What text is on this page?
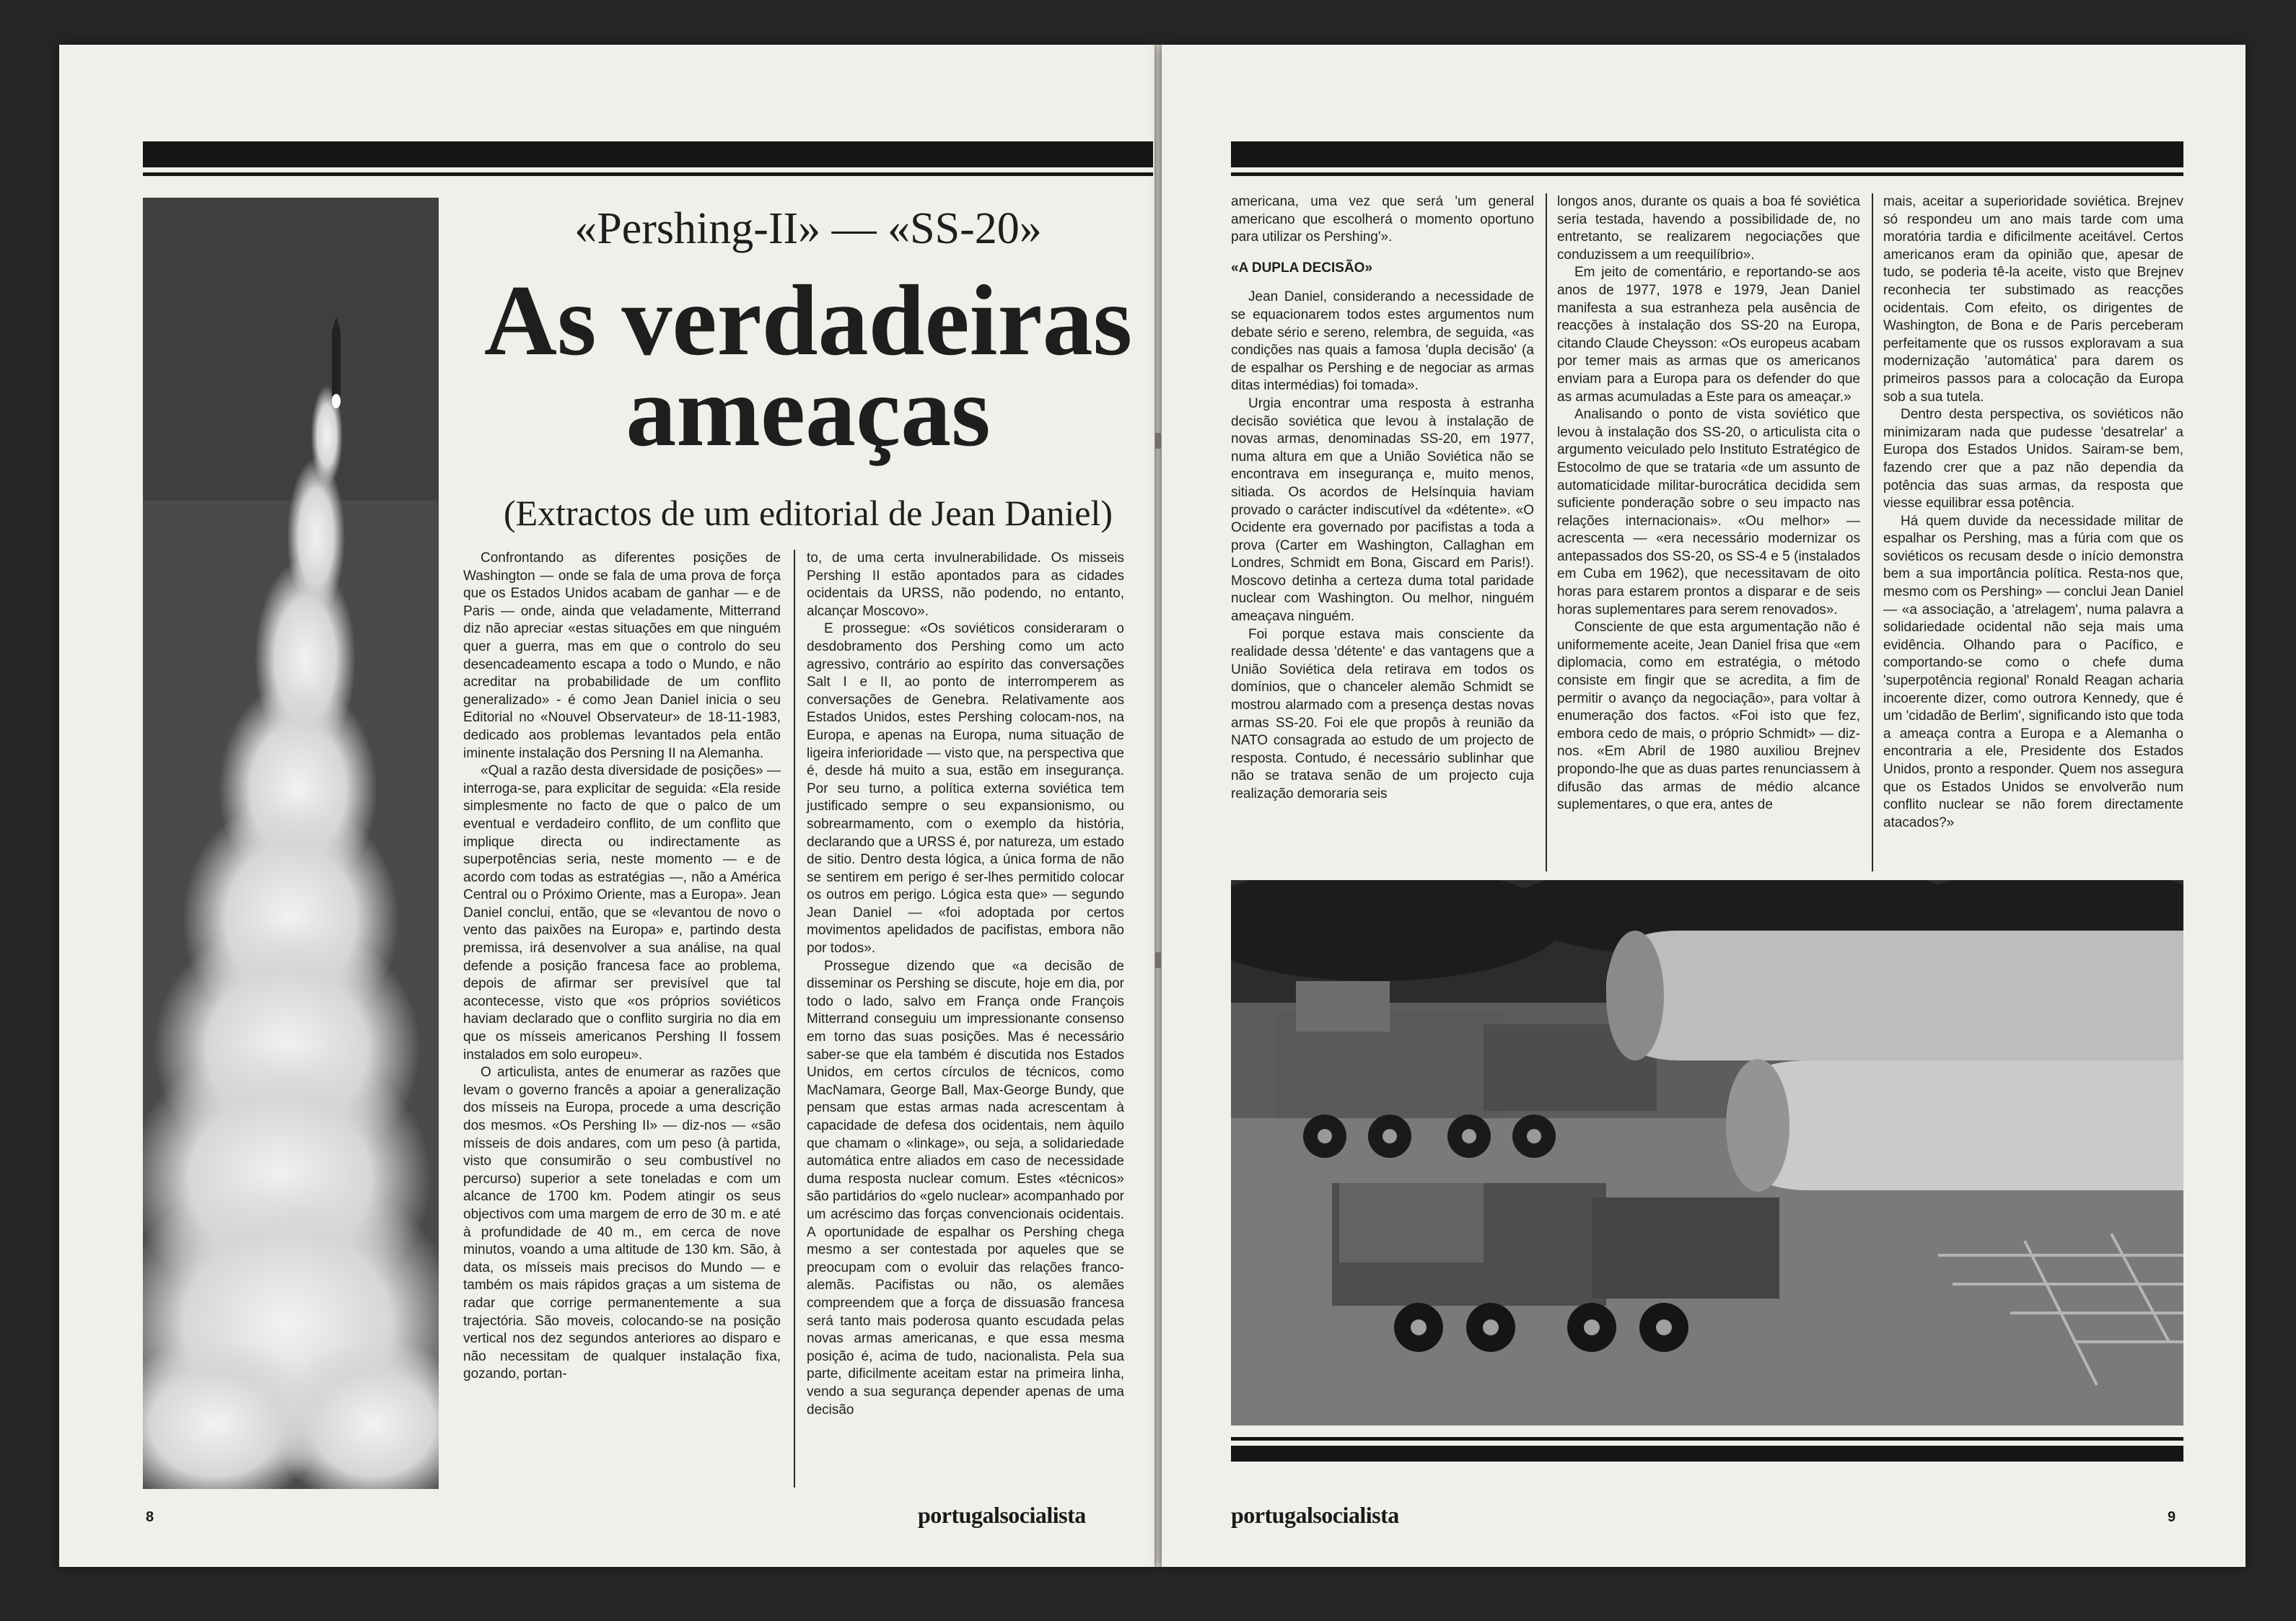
«Pershing-II» — «SS-20»
As verdadeiras
ameaças
(Extractos de um editorial de Jean Daniel)

Confrontando as diferentes posições de Washington — onde se fala de uma prova de força que os Estados Unidos acabam de ganhar — e de Paris — onde, ainda que veladamente, Mitterrand diz não apreciar «estas situações em que ninguém quer a guerra, mas em que o controlo do seu desencadeamento escapa a todo o Mundo, e não acreditar na probabilidade de um conflito generalizado» - é como Jean Daniel inicia o seu Editorial no «Nouvel Observateur» de 18-11-1983, dedicado aos problemas levantados pela então iminente instalação dos Persning II na Alemanha.

«Qual a razão desta diversidade de posições» — interroga-se, para explicitar de seguida: «Ela reside simplesmente no facto de que o palco de um eventual e verdadeiro conflito, de um conflito que implique directa ou indirectamente as superpotências seria, neste momento — e de acordo com todas as estratégias —, não a América Central ou o Próximo Oriente, mas a Europa». Jean Daniel conclui, então, que se «levantou de novo o vento das paixões na Europa» e, partindo desta premissa, irá desenvolver a sua análise, na qual defende a posição francesa face ao problema, depois de afirmar ser previsível que tal acontecesse, visto que «os próprios soviéticos haviam declarado que o conflito surgiria no dia em que os mísseis americanos Pershing II fossem instalados em solo europeu».

O articulista, antes de enumerar as razões que levam o governo francês a apoiar a generalização dos mísseis na Europa, procede a uma descrição dos mesmos. «Os Pershing II» — diz-nos — «são mísseis de dois andares, com um peso (à partida, visto que consumirão o seu combustível no percurso) superior a sete toneladas e com um alcance de 1700 km. Podem atingir os seus objectivos com uma margem de erro de 30 m. e até à profundidade de 40 m., em cerca de nove minutos, voando a uma altitude de 130 km. São, à data, os mísseis mais precisos do Mundo — e também os mais rápidos graças a um sistema de radar que corrige permanentemente a sua trajectória. São moveis, colocando-se na posição vertical nos dez segundos anteriores ao disparo e não necessitam de qualquer instalação fixa, gozando, portan-

to, de uma certa invulnerabilidade. Os misseis Pershing II estão apontados para as cidades ocidentais da URSS, não podendo, no entanto, alcançar Moscovo».

E prossegue: «Os soviéticos consideraram o desdobramento dos Pershing como um acto agressivo, contrário ao espírito das conversações Salt I e II, ao ponto de interromperem as conversações de Genebra. Relativamente aos Estados Unidos, estes Pershing colocam-nos, na Europa, e apenas na Europa, numa situação de ligeira inferioridade — visto que, na perspectiva que é, desde há muito a sua, estão em insegurança. Por seu turno, a política externa soviética tem justificado sempre o seu expansionismo, ou sobrearmamento, com o exemplo da história, declarando que a URSS é, por natureza, um estado de sitio. Dentro desta lógica, a única forma de não se sentirem em perigo é ser-lhes permitido colocar os outros em perigo. Lógica esta que» — segundo Jean Daniel — «foi adoptada por certos movimentos apelidados de pacifistas, embora não por todos».

Prossegue dizendo que «a decisão de disseminar os Pershing se discute, hoje em dia, por todo o lado, salvo em França onde François Mitterrand conseguiu um impressionante consenso em torno das suas posições. Mas é necessário saber-se que ela também é discutida nos Estados Unidos, em certos círculos de técnicos, como MacNamara, George Ball, Max-George Bundy, que pensam que estas armas nada acrescentam à capacidade de defesa dos ocidentais, nem àquilo que chamam o «linkage», ou seja, a solidariedade automática entre aliados em caso de necessidade duma resposta nuclear comum. Estes «técnicos» são partidários do «gelo nuclear» acompanhado por um acréscimo das forças convencionais ocidentais. A oportunidade de espalhar os Pershing chega mesmo a ser contestada por aqueles que se preocupam com o evoluir das relações franco-alemãs. Pacifistas ou não, os alemães compreendem que a força de dissuasão francesa será tanto mais poderosa quanto escudada pelas novas armas americanas, e que essa mesma posição é, acima de tudo, nacionalista. Pela sua parte, dificilmente aceitam estar na primeira linha, vendo a sua segurança depender apenas de uma decisão

8	portugalsocialista

americana, uma vez que será 'um general americano que escolherá o momento oportuno para utilizar os Pershing'».

«A DUPLA DECISÃO»

Jean Daniel, considerando a necessidade de se equacionarem todos estes argumentos num debate sério e sereno, relembra, de seguida, «as condições nas quais a famosa 'dupla decisão' (a de espalhar os Pershing e de negociar as armas ditas intermédias) foi tomada».

Urgia encontrar uma resposta à estranha decisão soviética que levou à instalação de novas armas, denominadas SS-20, em 1977, numa altura em que a União Soviética não se encontrava em insegurança e, muito menos, sitiada. Os acordos de Helsínquia haviam provado o carácter indiscutível da «détente». «O Ocidente era governado por pacifistas a toda a prova (Carter em Washington, Callaghan em Londres, Schmidt em Bona, Giscard em Paris!). Moscovo detinha a certeza duma total paridade nuclear com Washington. Ou melhor, ninguém ameaçava ninguém.

Foi porque estava mais consciente da realidade dessa 'détente' e das vantagens que a União Soviética dela retirava em todos os domínios, que o chanceler alemão Schmidt se mostrou alarmado com a presença destas novas armas SS-20. Foi ele que propôs à reunião da NATO consagrada ao estudo de um projecto de resposta. Contudo, é necessário sublinhar que não se tratava senão de um projecto cuja realização demoraria seis

longos anos, durante os quais a boa fé soviética seria testada, havendo a possibilidade de, no entretanto, se realizarem negociações que conduzissem a um reequilíbrio».

Em jeito de comentário, e reportando-se aos anos de 1977, 1978 e 1979, Jean Daniel manifesta a sua estranheza pela ausência de reacções à instalação dos SS-20 na Europa, citando Claude Cheysson: «Os europeus acabam por temer mais as armas que os americanos enviam para a Europa para os defender do que as armas acumuladas a Este para os ameaçar.»

Analisando o ponto de vista soviético que levou à instalação dos SS-20, o articulista cita o argumento veiculado pelo Instituto Estratégico de Estocolmo de que se trataria «de um assunto de automaticidade militar-burocrática decidida sem suficiente ponderação sobre o seu impacto nas relações internacionais». «Ou melhor» — acrescenta — «era necessário modernizar os antepassados dos SS-20, os SS-4 e 5 (instalados em Cuba em 1962), que necessitavam de oito horas para estarem prontos a disparar e de seis horas suplementares para serem renovados».

Consciente de que esta argumentação não é uniformemente aceite, Jean Daniel frisa que «em diplomacia, como em estratégia, o método consiste em fingir que se acredita, a fim de permitir o avanço da negociação», para voltar à enumeração dos factos. «Foi isto que fez, embora cedo de mais, o próprio Schmidt» — diz-nos. «Em Abril de 1980 auxiliou Brejnev propondo-lhe que as duas partes renunciassem à difusão das armas de médio alcance suplementares, o que era, antes de

mais, aceitar a superioridade soviética. Brejnev só respondeu um ano mais tarde com uma moratória tardia e dificilmente aceitável. Certos americanos eram da opinião que, apesar de tudo, se poderia tê-la aceite, visto que Brejnev reconhecia ter substimado as reacções ocidentais. Com efeito, os dirigentes de Washington, de Bona e de Paris perceberam perfeitamente que os russos exploravam a sua modernização 'automática' para darem os primeiros passos para a colocação da Europa sob a sua tutela.

Dentro desta perspectiva, os soviéticos não minimizaram nada que pudesse 'desatrelar' a Europa dos Estados Unidos. Sairam-se bem, fazendo crer que a paz não dependia da potência das suas armas, da resposta que viesse equilibrar essa potência.

Há quem duvide da necessidade militar de espalhar os Pershing, mas a fúria com que os soviéticos os recusam desde o início demonstra bem a sua importância política. Resta-nos que, mesmo com os Pershing» — conclui Jean Daniel — «a associação, a 'atrelagem', numa palavra a solidariedade ocidental não seja mais uma evidência. Olhando para o Pacífico, e comportando-se como o chefe duma 'superpotência regional' Ronald Reagan acharia incoerente dizer, como outrora Kennedy, que é um 'cidadão de Berlim', significando isto que toda a ameaça contra a Europa e a Alemanha o encontraria a ele, Presidente dos Estados Unidos, pronto a responder. Quem nos assegura que os Estados Unidos se envolverão num conflito nuclear se não forem directamente atacados?»

portugalsocialista	9
